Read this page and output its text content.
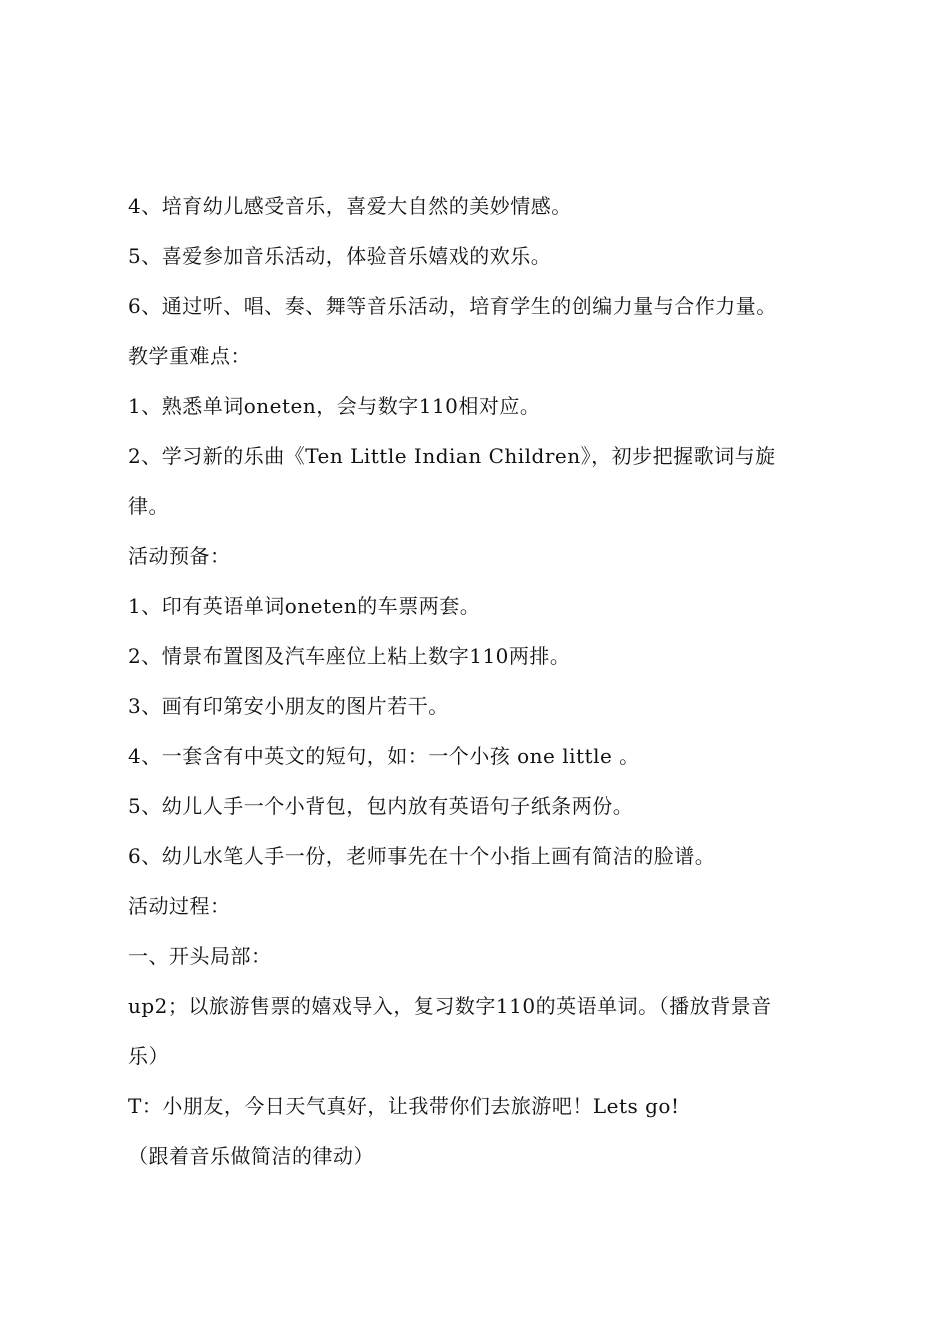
4、培育幼儿感受音乐，喜爱大自然的美妙情感。
5、喜爱参加音乐活动，体验音乐嬉戏的欢乐。
6、通过听、唱、奏、舞等音乐活动，培育学生的创编力量与合作力量。
教学重难点：
1、熟悉单词oneten，会与数字110相对应。
2、学习新的乐曲《Ten Little Indian Children》，初步把握歌词与旋
律。
活动预备：
1、印有英语单词oneten的车票两套。
2、情景布置图及汽车座位上粘上数字110两排。
3、画有印第安小朋友的图片若干。
4、一套含有中英文的短句，如：一个小孩 one little 。
5、幼儿人手一个小背包，包内放有英语句子纸条两份。
6、幼儿水笔人手一份，老师事先在十个小指上画有简洁的脸谱。
活动过程：
一、开头局部：
up2；以旅游售票的嬉戏导入，复习数字110的英语单词。（播放背景音
乐）
T：小朋友，今日天气真好，让我带你们去旅游吧！Lets go!
（跟着音乐做简洁的律动）
